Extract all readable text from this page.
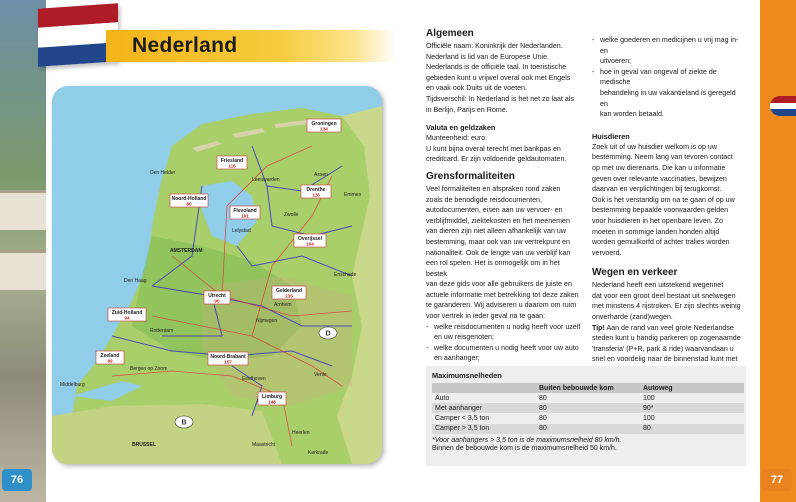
76
Nederland
Groningen
134
Friesland
116
Drenthe
126
Noord-Holland
80
Flevoland
101
Overijssel
104
Zuid-Holland
94
Utrecht
90
Gelderland
135
Zeeland
89
Noord-Brabant
157
Limburg
148
Den Helder
Leeuwarden
Lelystad
AMSTERDAM
Den Haag
Rotterdam
Middelburg
Bergen op Zoom
Eindhoven
Maastricht
Enschede
Zwolle
Assen
Emmen
Arnhem
Nijmegen
Venlo
Heerlen
Kerkrade
BRUSSEL
D
B
77
Algemeen

Officiële naam: Koninkrijk der Nederlanden.
Nederland is lid van de Europese Unie.
Nederlands is de officiële taal. In toeristische
gebieden kunt u vrijwel overal ook met Engels
en vaak ook Duits uit de voeten.
Tijdsverschil: In Nederland is het net zo laat als
in Berlijn, Parijs en Rome.

Valuta en geldzaken

Munteenheid: euro.
U kunt bijna overal terecht met bankpas en
creditcard. Er zijn voldoende geldautomaten.

Grensformaliteiten

Veel formaliteiten en afspraken rond zaken
zoals de benodigde reisdocumenten,
autodocumenten, eisen aan uw vervoer- en
verblijfmiddel, ziektekosten en het meenemen
van dieren zijn niet alleen afhankelijk van uw
bestemming, maar ook van uw vertrekpunt en
nationaliteit. Ook de lengte van uw verblijf kan
een rol spelen. Het is onmogelijk om in het bestek
van deze gids voor alle gebruikers de juiste en
actuele informatie met betrekking tot deze zaken
te garanderen. Wij adviseren u daarom om ruim
voor vertrek in ieder geval na te gaan:

- welke reisdocumenten u nodig heeft voor uzelf
en uw reisgenoten;
- welke documenten u nodig heeft voor uw auto
en aanhanger;
- welke goederen en medicijnen u vrij mag in- en
uitvoeren;
- hoe in geval van ongeval of ziekte de medische
behandeling in uw vakantieland is geregeld en
kan worden betaald.
Huisdieren

Zoek uit of uw huisdier welkom is op uw
bestemming. Neem lang van tevoren contact
op met uw dierenarts. Die kan u informatie
geven over relevante vaccinaties, bewijzen
daarvan en verplichtingen bij terugkomst.
Ook is het verstandig om na te gaan of op uw
bestemming bepaalde voorwaarden gelden
voor huisdieren in het openbare leven. Zo
moeten in sommige landen honden altijd
worden gemuilkorfd of achter tralies worden
vervoerd.

Wegen en verkeer

Nederland heeft een uitstekend wegennet
dat voor een groot deel bestaat uit snelwegen
met minstens 4 rijstroken. Er zijn slechts weinig
onverharde (zand)wegen.
Tip! Aan de rand van veel grote Nederlandse
steden kunt u handig parkeren op zogenaamde
'transferia' (P+R, park & ride) waarvandaan u
snel en voordelig naar de binnenstad kunt met

Maximumsnelheden
	Buiten bebouwde kom	Autoweg
Auto	80	100
Met aanhanger	80	90*
Camper < 3,5 ton	80	100
Camper > 3,5 ton	80	80

*Voor aanhangers > 3,5 ton is de maximumsnelheid 80 km/h.

Binnen de bebouwde kom is de maximumsnelheid 50 km/h.
